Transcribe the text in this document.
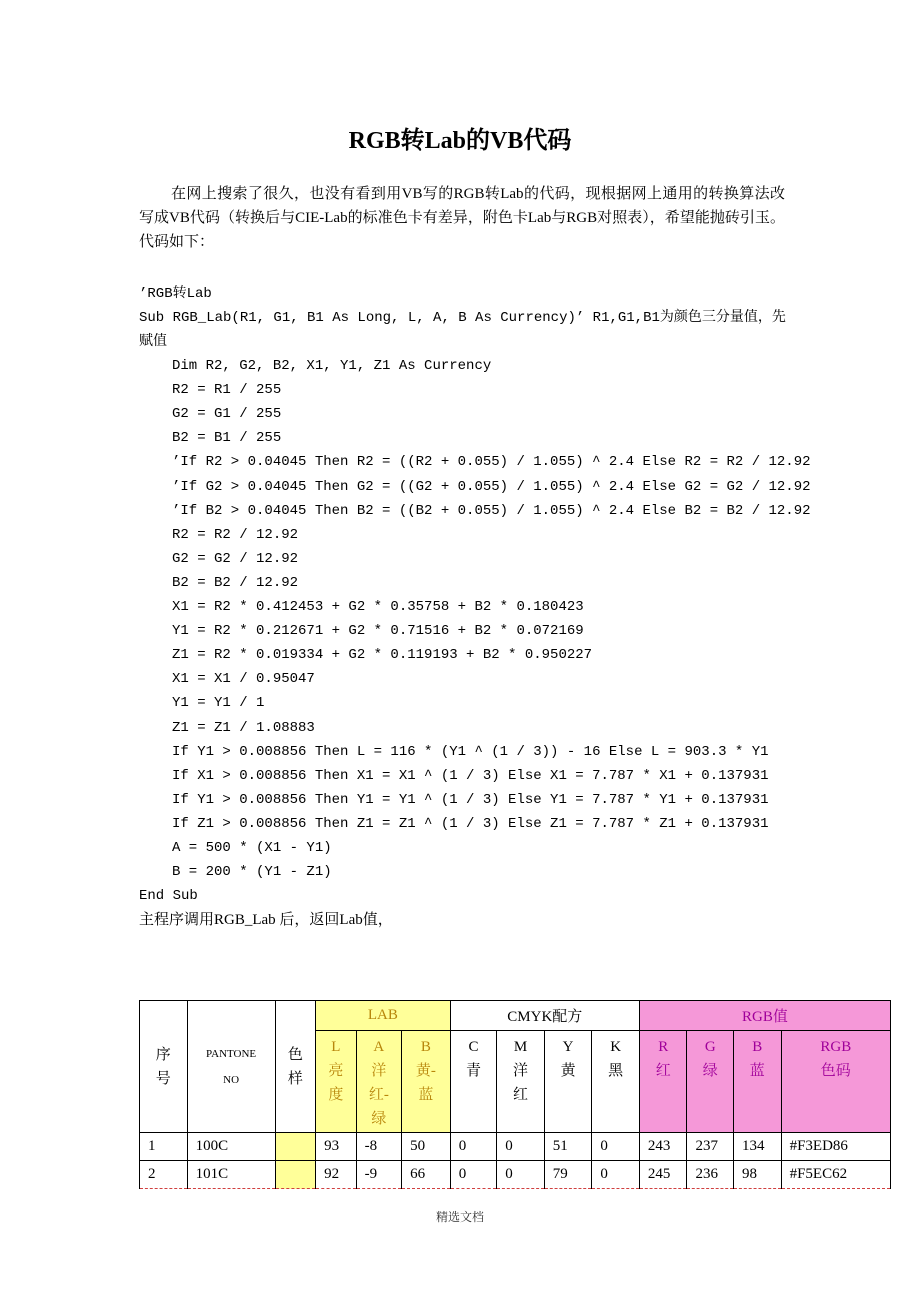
RGB转Lab的VB代码
在网上搜索了很久，也没有看到用VB写的RGB转Lab的代码，现根据网上通用的转换算法改写成VB代码（转换后与CIE-Lab的标准色卡有差异，附色卡Lab与RGB对照表），希望能抛砖引玉。代码如下：
’RGB转Lab
Sub RGB_Lab(R1, G1, B1 As Long, L, A, B As Currency)’ R1,G1,B1为颜色三分量值，先赋值
Dim R2, G2, B2, X1, Y1, Z1 As Currency
R2 = R1 / 255
G2 = G1 / 255
B2 = B1 / 255
’If R2 > 0.04045 Then R2 = ((R2 + 0.055) / 1.055) ^ 2.4 Else R2 = R2 / 12.92
’If G2 > 0.04045 Then G2 = ((G2 + 0.055) / 1.055) ^ 2.4 Else G2 = G2 / 12.92
’If B2 > 0.04045 Then B2 = ((B2 + 0.055) / 1.055) ^ 2.4 Else B2 = B2 / 12.92
R2 = R2 / 12.92
G2 = G2 / 12.92
B2 = B2 / 12.92
X1 = R2 * 0.412453 + G2 * 0.35758 + B2 * 0.180423
Y1 = R2 * 0.212671 + G2 * 0.71516 + B2 * 0.072169
Z1 = R2 * 0.019334 + G2 * 0.119193 + B2 * 0.950227
X1 = X1 / 0.95047
Y1 = Y1 / 1
Z1 = Z1 / 1.08883
If Y1 > 0.008856 Then L = 116 * (Y1 ^ (1 / 3)) - 16 Else L = 903.3 * Y1
If X1 > 0.008856 Then X1 = X1 ^ (1 / 3) Else X1 = 7.787 * X1 + 0.137931
If Y1 > 0.008856 Then Y1 = Y1 ^ (1 / 3) Else Y1 = 7.787 * Y1 + 0.137931
If Z1 > 0.008856 Then Z1 = Z1 ^ (1 / 3) Else Z1 = 7.787 * Z1 + 0.137931
A = 500 * (X1 - Y1)
B = 200 * (Y1 - Z1)
End Sub
主程序调用RGB_Lab 后，返回Lab值，
序
号	PANTONE
NO	色
样	LAB			CMYK配方				RGB值			
			L
亮
度	A
洋
红-
绿	B
黄-
蓝	C
青	M
洋
红	Y
黄	K
黑	R
红	G
绿	B
蓝	RGB
色码
1	100C		93	-8	50	0	0	51	0	243	237	134	#F3ED86
2	101C		92	-9	66	0	0	79	0	245	236	98	#F5EC62
精选文档
